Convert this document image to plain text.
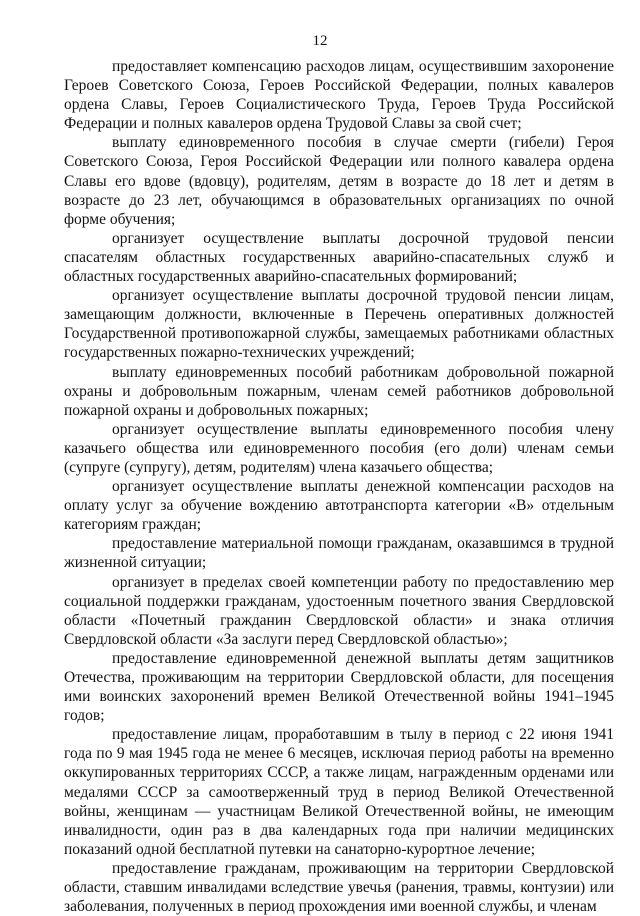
12

предоставляет компенсацию расходов лицам, осуществившим захоронение Героев Советского Союза, Героев Российской Федерации, полных кавалеров ордена Славы, Героев Социалистического Труда, Героев Труда Российской Федерации и полных кавалеров ордена Трудовой Славы за свой счет;

выплату единовременного пособия в случае смерти (гибели) Героя Советского Союза, Героя Российской Федерации или полного кавалера ордена Славы его вдове (вдовцу), родителям, детям в возрасте до 18 лет и детям в возрасте до 23 лет, обучающимся в образовательных организациях по очной форме обучения;

организует осуществление выплаты досрочной трудовой пенсии спасателям областных государственных аварийно-спасательных служб и областных государственных аварийно-спасательных формирований;

организует осуществление выплаты досрочной трудовой пенсии лицам, замещающим должности, включенные в Перечень оперативных должностей Государственной противопожарной службы, замещаемых работниками областных государственных пожарно-технических учреждений;

выплату единовременных пособий работникам добровольной пожарной охраны и добровольным пожарным, членам семей работников добровольной пожарной охраны и добровольных пожарных;

организует осуществление выплаты единовременного пособия члену казачьего общества или единовременного пособия (его доли) членам семьи (супруге (супругу), детям, родителям) члена казачьего общества;

организует осуществление выплаты денежной компенсации расходов на оплату услуг за обучение вождению автотранспорта категории «В» отдельным категориям граждан;

предоставление материальной помощи гражданам, оказавшимся в трудной жизненной ситуации;

организует в пределах своей компетенции работу по предоставлению мер социальной поддержки гражданам, удостоенным почетного звания Свердловской области «Почетный гражданин Свердловской области» и знака отличия Свердловской области «За заслуги перед Свердловской областью»;

предоставление единовременной денежной выплаты детям защитников Отечества, проживающим на территории Свердловской области, для посещения ими воинских захоронений времен Великой Отечественной войны 1941–1945 годов;

предоставление лицам, проработавшим в тылу в период с 22 июня 1941 года по 9 мая 1945 года не менее 6 месяцев, исключая период работы на временно оккупированных территориях СССР, а также лицам, награжденным орденами или медалями СССР за самоотверженный труд в период Великой Отечественной войны, женщинам — участницам Великой Отечественной войны, не имеющим инвалидности, один раз в два календарных года при наличии медицинских показаний одной бесплатной путевки на санаторно-курортное лечение;

предоставление гражданам, проживающим на территории Свердловской области, ставшим инвалидами вследствие увечья (ранения, травмы, контузии) или заболевания, полученных в период прохождения ими военной службы, и членам
